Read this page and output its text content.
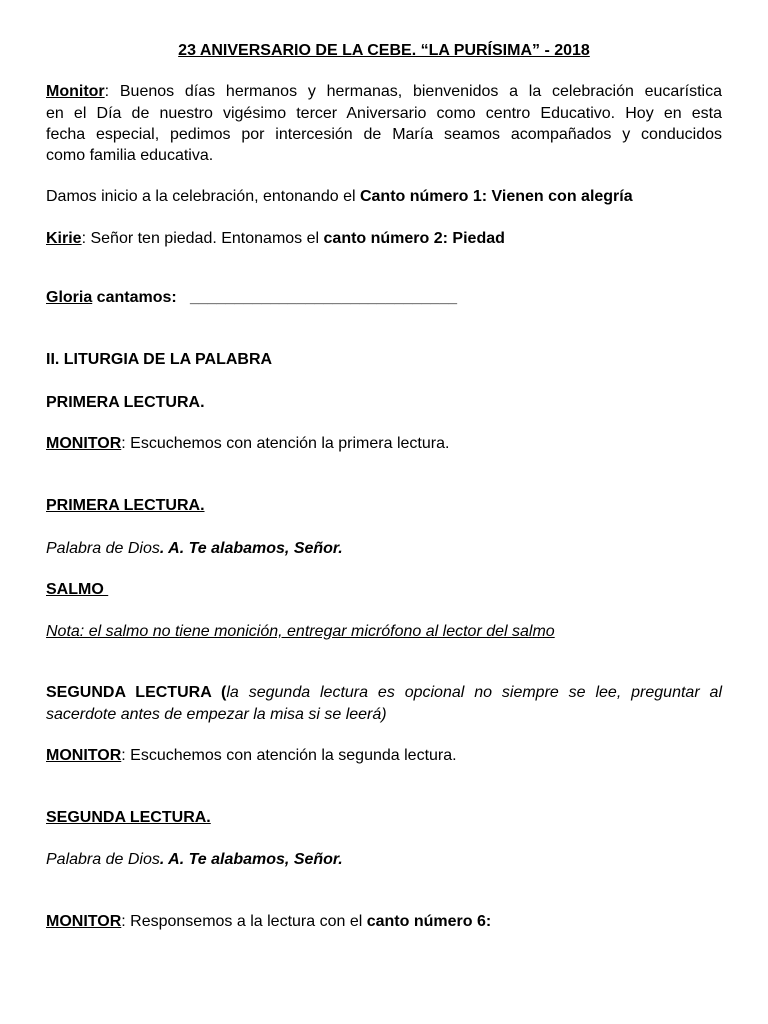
23 ANIVERSARIO DE LA CEBE. “LA PURÍSIMA” - 2018
Monitor: Buenos días hermanos y hermanas, bienvenidos a la celebración eucarística
en el Día de nuestro vigésimo tercer Aniversario como centro Educativo. Hoy en esta
fecha especial, pedimos por intercesión de María seamos acompañados y conducidos
como familia educativa.
Damos inicio a la celebración, entonando el Canto número 1: Vienen con alegría
Kirie: Señor ten piedad. Entonamos el canto número 2: Piedad
Gloria cantamos:   ______________________________
II. LITURGIA DE LA PALABRA
PRIMERA LECTURA.
MONITOR: Escuchemos con atención la primera lectura.
PRIMERA LECTURA.
Palabra de Dios. A. Te alabamos, Señor.
SALMO
Nota: el salmo no tiene monición, entregar micrófono al lector del salmo
SEGUNDA LECTURA (la segunda lectura es opcional no siempre se lee, preguntar al
sacerdote antes de empezar la misa si se leerá)
MONITOR: Escuchemos con atención la segunda lectura.
SEGUNDA LECTURA.
Palabra de Dios. A. Te alabamos, Señor.
MONITOR: Responsemos a la lectura con el canto número 6:
